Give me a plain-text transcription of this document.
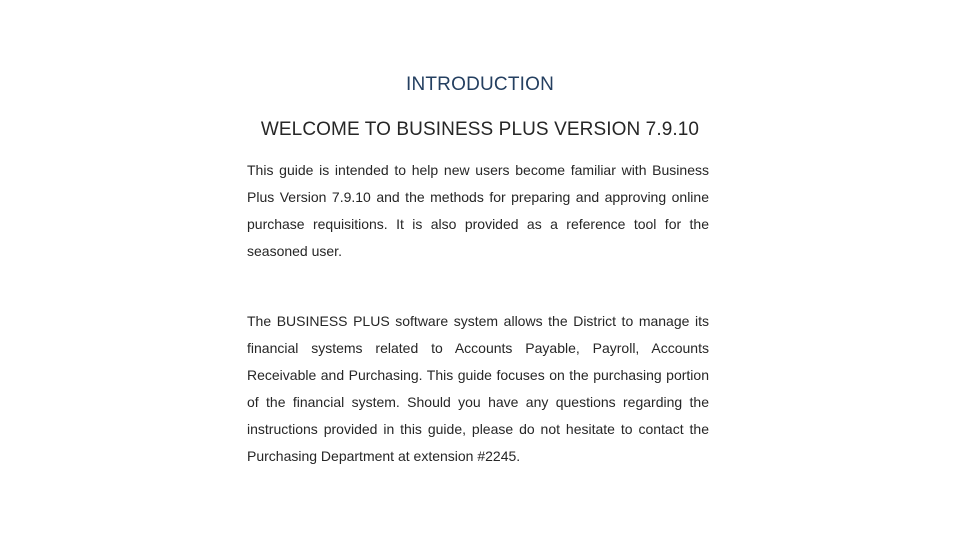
INTRODUCTION
WELCOME TO BUSINESS PLUS VERSION 7.9.10

This guide is intended to help new users become familiar with Business Plus Version 7.9.10 and the methods for preparing and approving online purchase requisitions. It is also provided as a reference tool for the seasoned user.

The BUSINESS PLUS software system allows the District to manage its financial systems related to Accounts Payable, Payroll, Accounts Receivable and Purchasing. This guide focuses on the purchasing portion of the financial system. Should you have any questions regarding the instructions provided in this guide, please do not hesitate to contact the Purchasing Department at extension #2245.
